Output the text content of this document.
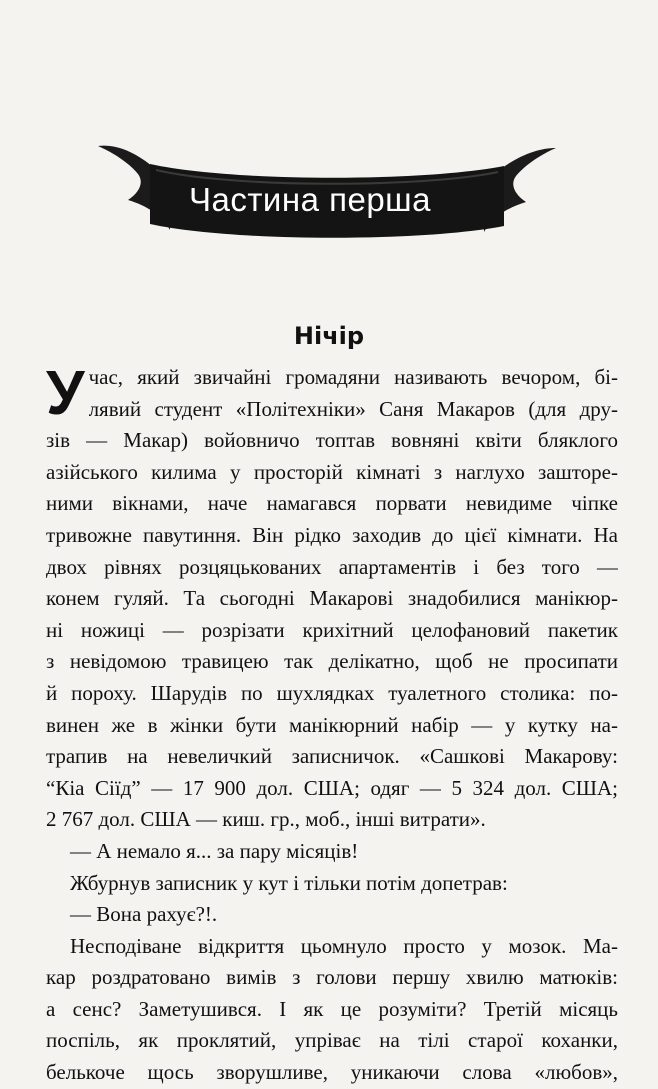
Частина перша
Нічір
У час, який звичайні громадяни називають вечором, бі-
лявий студент «Політехніки» Саня Макаров (для дру-
зів — Макар) войовничо топтав вовняні квіти бляклого
азійського килима у просторій кімнаті з наглухо зашторе-
ними вікнами, наче намагався порвати невидиме чіпке
тривожне павутиння. Він рідко заходив до цієї кімнати. На
двох рівнях розцяцькованих апартаментів і без того —
конем гуляй. Та сьогодні Макарові знадобилися манікюр-
ні ножиці — розрізати крихітний целофановий пакетик
з невідомою травицею так делікатно, щоб не просипати
й пороху. Шарудів по шухлядках туалетного столика: по-
винен же в жінки бути манікюрний набір — у кутку на-
трапив на невеличкий записничок. «Сашкові Макарову:
“Кіа Сіїд” — 17 900 дол. США; одяг — 5 324 дол. США;
2 767 дол. США — киш. гр., моб., інші витрати».
— А немало я... за пару місяців!
Жбурнув записник у кут і тільки потім допетрав:
— Вона рахує?!.
Несподіване відкриття цьомнуло просто у мозок. Ма-
кар роздратовано вимів з голови першу хвилю матюків:
а сенс? Заметушився. І як це розуміти? Третій місяць
поспіль, як проклятий, упріває на тілі старої коханки,
белькоче щось зворушливе, уникаючи слова «любов»,
